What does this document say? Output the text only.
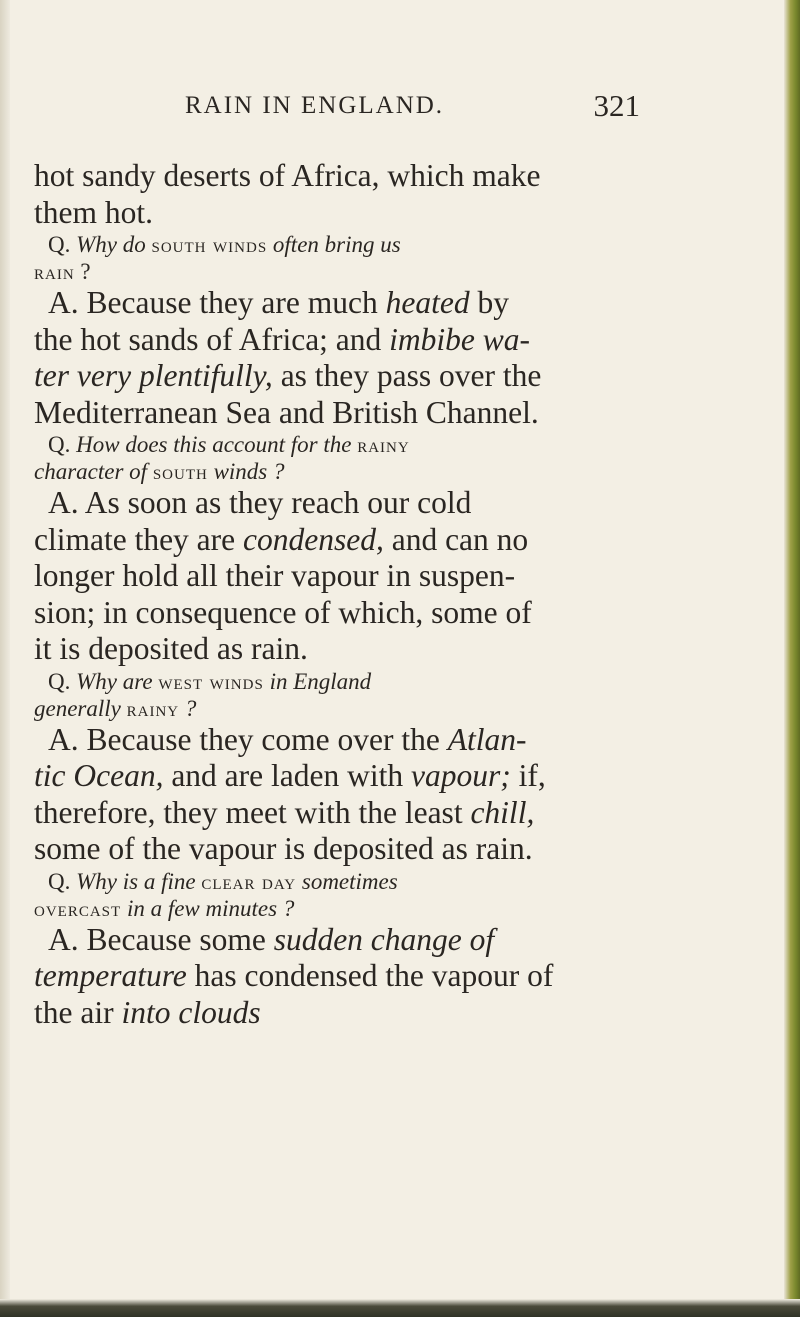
RAIN IN ENGLAND.	321
hot sandy deserts of Africa, which make
them hot.
Q. Why do south winds often bring us
rain ?
A. Because they are much heated by
the hot sands of Africa; and imbibe wa-
ter very plentifully, as they pass over the
Mediterranean Sea and British Channel.
Q. How does this account for the rainy
character of south winds ?
A. As soon as they reach our cold
climate they are condensed, and can no
longer hold all their vapour in suspen-
sion; in consequence of which, some of
it is deposited as rain.
Q. Why are west winds in England
generally rainy ?
A. Because they come over the Atlan-
tic Ocean, and are laden with vapour; if,
therefore, they meet with the least chill,
some of the vapour is deposited as rain.
Q. Why is a fine clear day sometimes
overcast in a few minutes ?
A. Because some sudden change of
temperature has condensed the vapour of
the air into clouds
